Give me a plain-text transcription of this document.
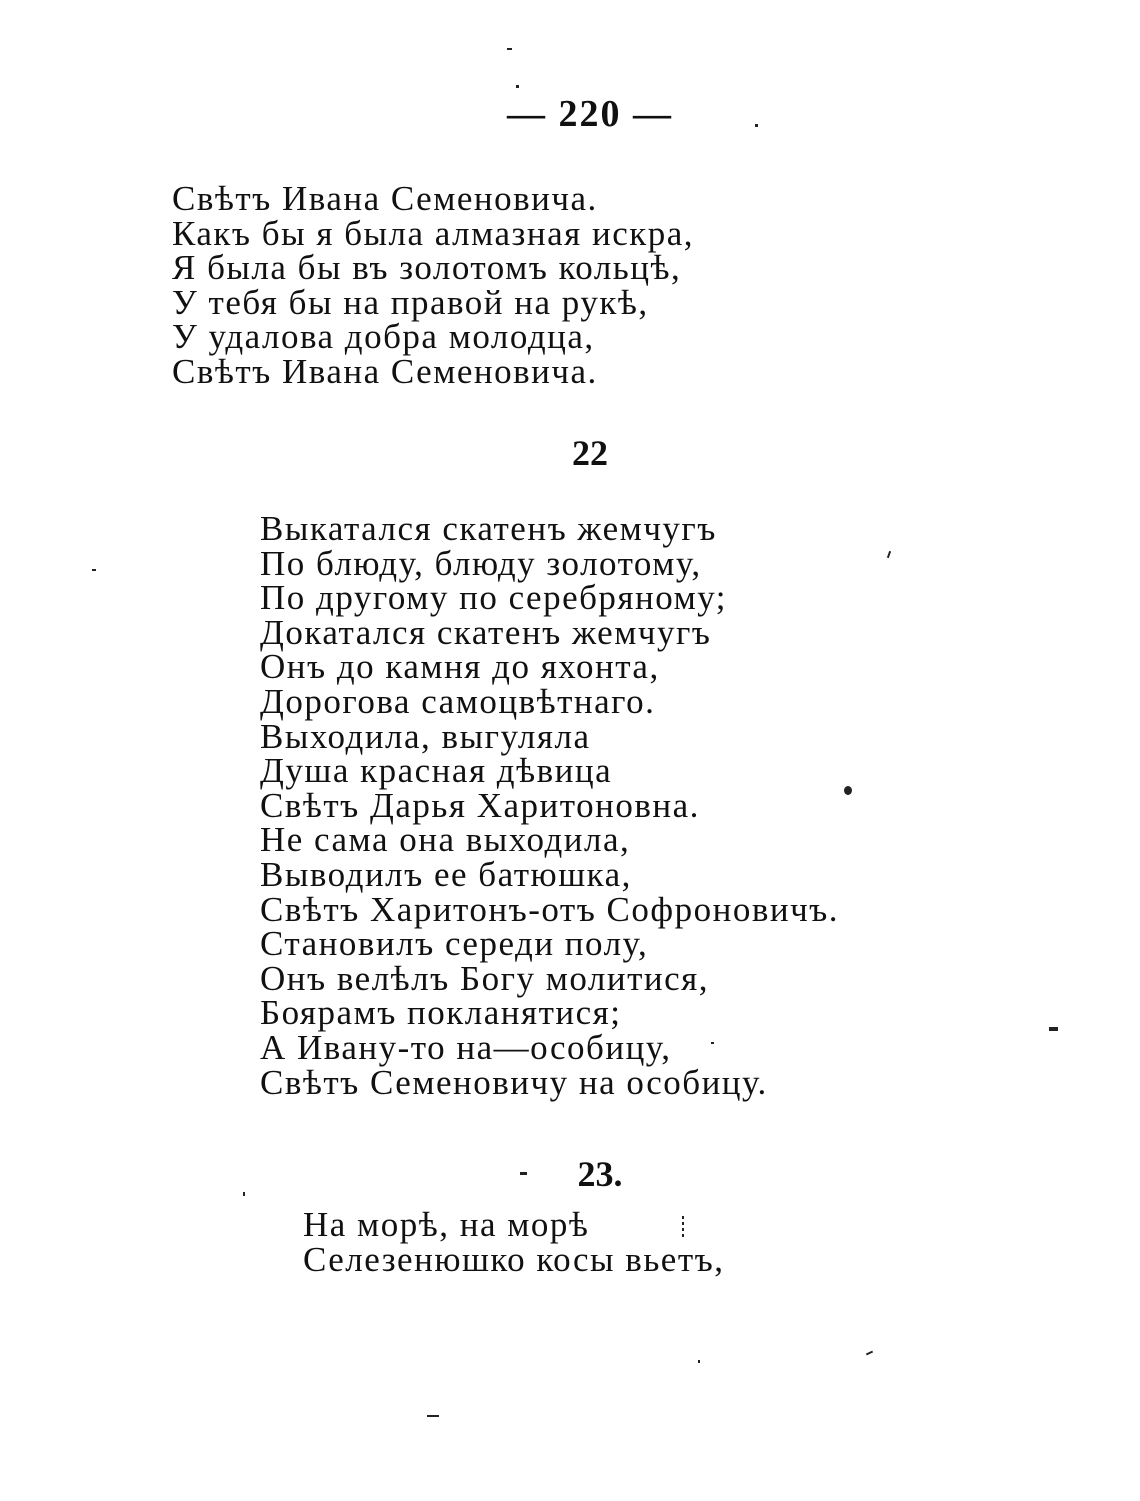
— 220 —
Свѣтъ Ивана Семеновича.
Какъ бы я была алмазная искра,
Я была бы въ золотомъ кольцѣ,
У тебя бы на правой на рукѣ,
У удалова добра молодца,
Свѣтъ Ивана Семеновича.
22
Выкатался скатенъ жемчугъ
По блюду, блюду золотому,
По другому по серебряному;
Докатался скатенъ жемчугъ
Онъ до камня до яхонта,
Дорогова самоцвѣтнаго.
Выходила, выгуляла
Душа красная дѣвица
Свѣтъ Дарья Харитоновна.
Не сама она выходила,
Выводилъ ее батюшка,
Свѣтъ Харитонъ-отъ Софроновичъ.
Становилъ середи полу,
Онъ велѣлъ Богу молитися,
Боярамъ покланятися;
А Ивану-то на—особицу,
Свѣтъ Семеновичу на особицу.
23.
На морѣ, на морѣ
Селезенюшко косы вьетъ,
